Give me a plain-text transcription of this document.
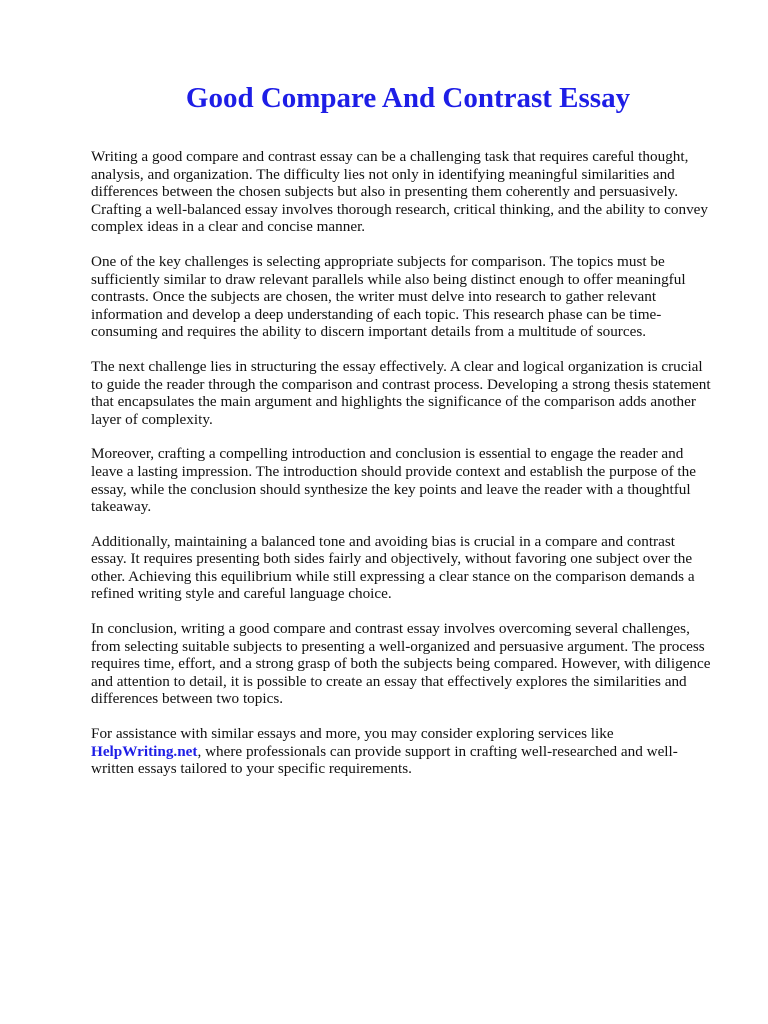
Good Compare And Contrast Essay

Writing a good compare and contrast essay can be a challenging task that requires careful thought, analysis, and organization. The difficulty lies not only in identifying meaningful similarities and differences between the chosen subjects but also in presenting them coherently and persuasively. Crafting a well-balanced essay involves thorough research, critical thinking, and the ability to convey complex ideas in a clear and concise manner.

One of the key challenges is selecting appropriate subjects for comparison. The topics must be sufficiently similar to draw relevant parallels while also being distinct enough to offer meaningful contrasts. Once the subjects are chosen, the writer must delve into research to gather relevant information and develop a deep understanding of each topic. This research phase can be time-consuming and requires the ability to discern important details from a multitude of sources.

The next challenge lies in structuring the essay effectively. A clear and logical organization is crucial to guide the reader through the comparison and contrast process. Developing a strong thesis statement that encapsulates the main argument and highlights the significance of the comparison adds another layer of complexity.

Moreover, crafting a compelling introduction and conclusion is essential to engage the reader and leave a lasting impression. The introduction should provide context and establish the purpose of the essay, while the conclusion should synthesize the key points and leave the reader with a thoughtful takeaway.

Additionally, maintaining a balanced tone and avoiding bias is crucial in a compare and contrast essay. It requires presenting both sides fairly and objectively, without favoring one subject over the other. Achieving this equilibrium while still expressing a clear stance on the comparison demands a refined writing style and careful language choice.

In conclusion, writing a good compare and contrast essay involves overcoming several challenges, from selecting suitable subjects to presenting a well-organized and persuasive argument. The process requires time, effort, and a strong grasp of both the subjects being compared. However, with diligence and attention to detail, it is possible to create an essay that effectively explores the similarities and differences between two topics.

For assistance with similar essays and more, you may consider exploring services like HelpWriting.net, where professionals can provide support in crafting well-researched and well-written essays tailored to your specific requirements.
